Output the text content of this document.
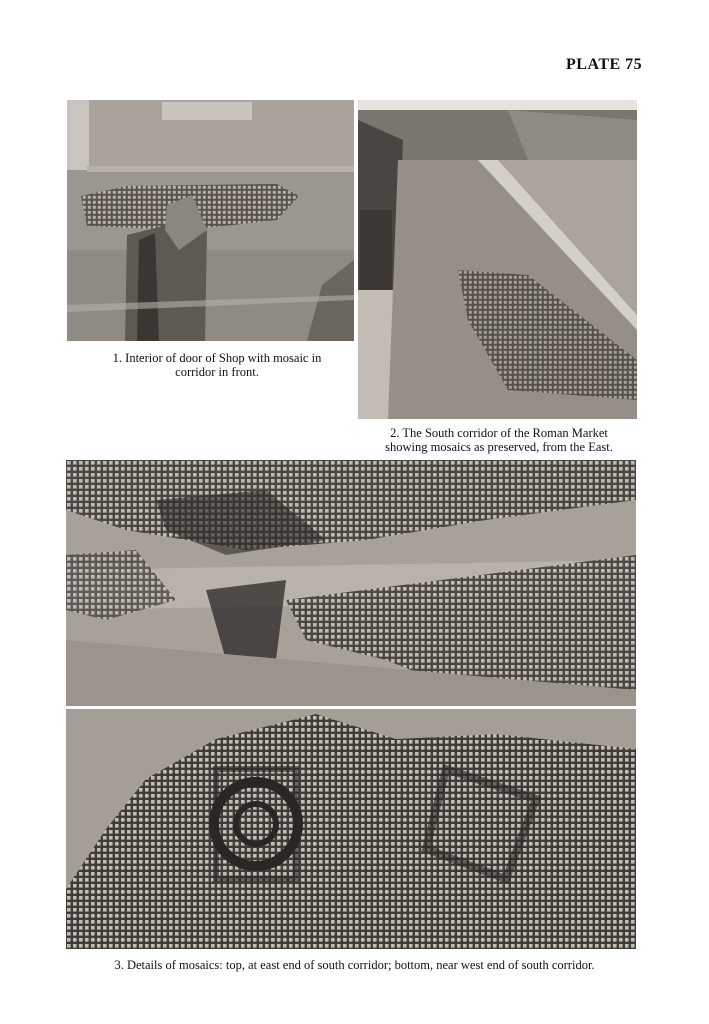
PLATE 75
1. Interior of door of Shop with mosaic in
corridor in front.
2. The South corridor of the Roman Market
showing mosaics as preserved, from the East.
3. Details of mosaics: top, at east end of south corridor; bottom, near west end of south corridor.
